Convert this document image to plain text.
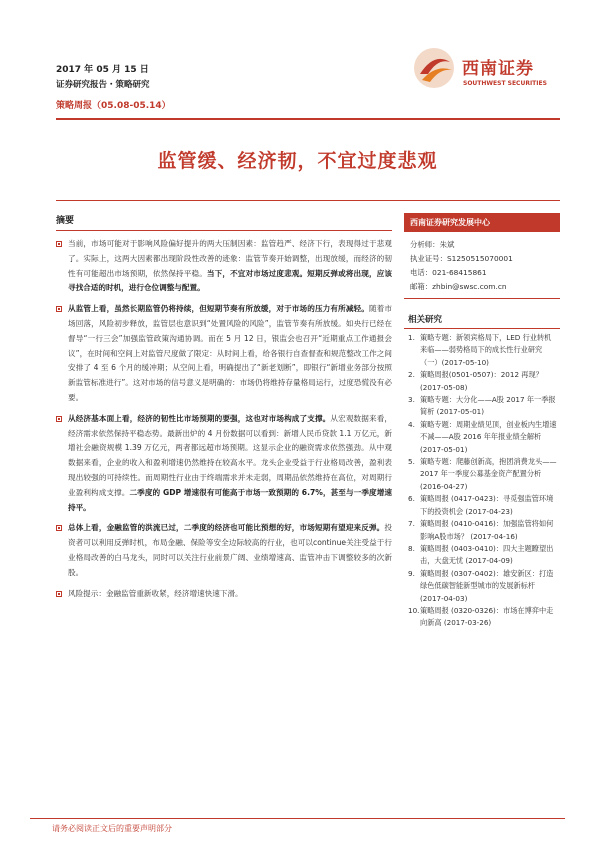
2017 年 05 月 15 日
证券研究报告・策略研究
策略周报（05.08-05.14）
西南证券
SOUTHWEST SECURITIES
监管缓、经济韧，不宜过度悲观
摘要
当前，市场可能对于影响风险偏好提升的两大压制因素：监管趋严、经济下行，表现得过于悲观了。实际上，这两大因素都出现阶段性改善的迹象：监管节奏开始调整，出现放缓，而经济的韧性有可能超出市场预期，依然保持平稳。当下，不宜对市场过度悲观。短期反弹或将出现，应该寻找合适的时机，进行仓位调整与配置。
从监管上看，虽然长期监管仍将持续，但短期节奏有所放缓，对于市场的压力有所减轻。随着市场回落，风险初步释放，监管层也意识到“处置风险的风险”，监管节奏有所放缓。如央行已经在督导“一行三会”加强监管政策沟通协调。而在 5 月 12 日，银监会也召开“近期重点工作通报会议”，在时间和空间上对监管尺度做了限定：从时间上看，给各银行自查督查和规范整改工作之间安排了 4 至 6 个月的缓冲期；从空间上看，明确提出了“新老划断”，即银行“新增业务部分按照新监管标准进行”。这对市场的信号意义是明确的：市场仍将维持存量格局运行，过度恐慌没有必要。
从经济基本面上看，经济的韧性比市场预期的要强，这也对市场构成了支撑。从宏观数据来看，经济需求依然保持平稳态势。最新出炉的 4 月份数据可以看到：新增人民币贷款 1.1 万亿元，新增社会融资规模 1.39 万亿元，两者都远超市场预期。这显示企业的融资需求依然强劲。从中观数据来看，企业的收入和盈利增速仍然维持在较高水平。龙头企业受益于行业格局改善，盈利表现出较强的可持续性。而周期性行业由于终端需求并未走弱，周期品依然维持在高位，对周期行业盈利构成支撑。二季度的 GDP 增速很有可能高于市场一致预期的 6.7%，甚至与一季度增速持平。
总体上看，金融监管的洪流已过，二季度的经济也可能比预想的好，市场短期有望迎来反弹。投资者可以利用反弹时机，布局金融、保险等安全边际较高的行业，也可以continue关注受益于行业格局改善的白马龙头，同时可以关注行业前景广阔、业绩增速高、监管冲击下调整较多的次新股。
风险提示：金融监管重新收紧，经济增速快速下滑。
西南证券研究发展中心
分析师：朱斌
执业证号：S1250515070001
电话：021-68415861
邮箱：zhbin@swsc.com.cn
相关研究
1. 策略专题：新领宾格局下，LED 行业转机来临——弱势格局下的成长性行业研究（一）(2017-05-10)
2. 策略周报(0501-0507)：2012 再现？(2017-05-08)
3. 策略专题：大分化——A股 2017 年一季报简析 (2017-05-01)
4. 策略专题：周期业绩见顶，创业板内生增速不减——A股 2016 年年报业绩全解析 (2017-05-01)
5. 策略专题：爬藤创新高，抱团消费龙头——2017 年一季度公募基金资产配置分析 (2016-04-27)
6. 策略周报 (0417-0423)：寻觅强监管环境下的投资机会 (2017-04-23)
7. 策略周报 (0410-0416)：加强监管将如何影响A股市场？ (2017-04-16)
8. 策略周报 (0403-0410)：四大主题瞭望出击，大盘无忧 (2017-04-09)
9. 策略周报 (0307-0402)：雄安新区：打造绿色低碳智能新型城市的发展新标杆 (2017-04-03)
10. 策略周报 (0320-0326)：市场在博弈中走向新高 (2017-03-26)
请务必阅读正文后的重要声明部分
